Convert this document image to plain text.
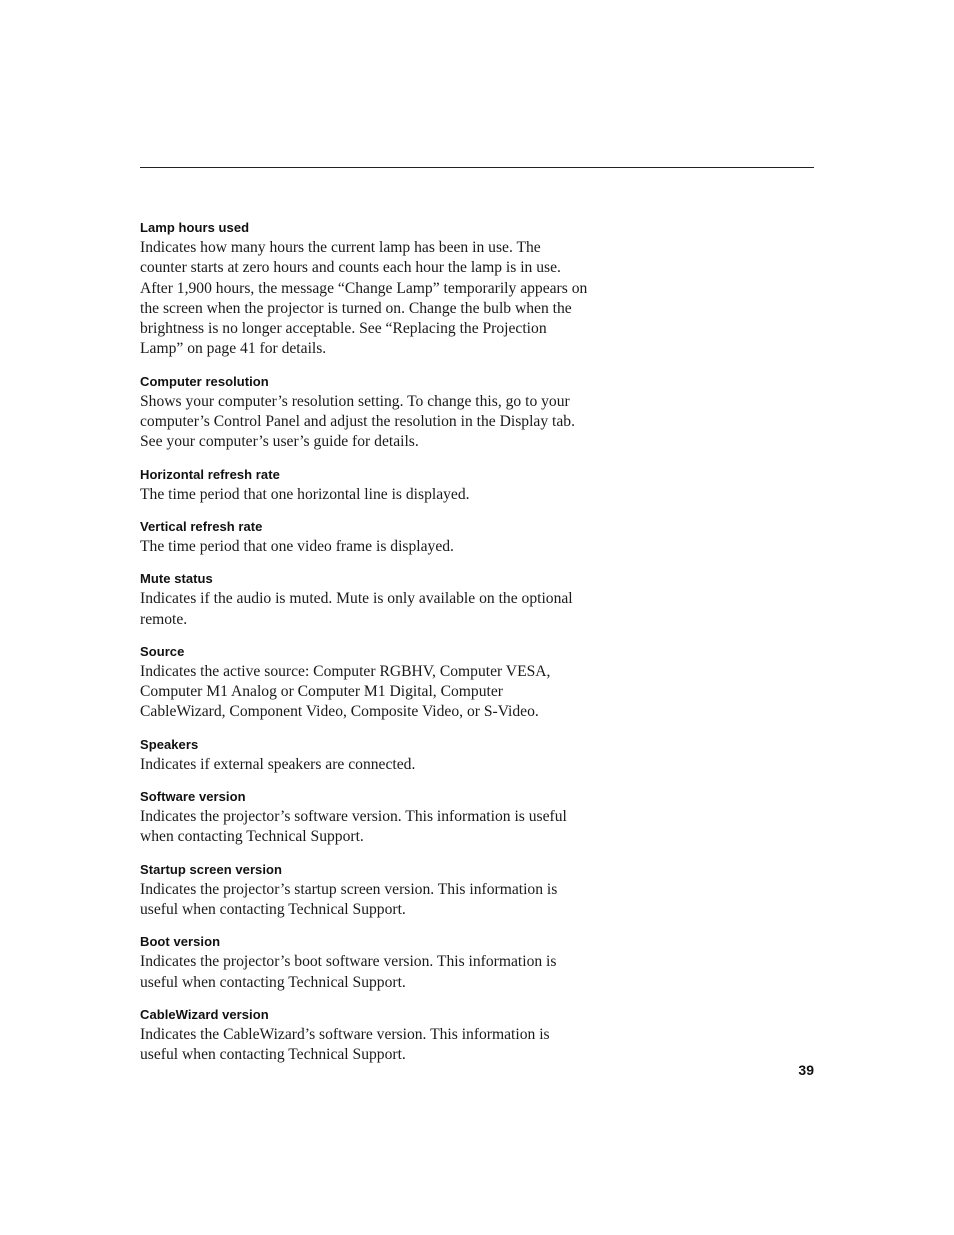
Lamp hours used

Indicates how many hours the current lamp has been in use. The counter starts at zero hours and counts each hour the lamp is in use. After 1,900 hours, the message “Change Lamp” temporarily appears on the screen when the projector is turned on. Change the bulb when the brightness is no longer acceptable. See “Replacing the Projection Lamp” on page 41 for details.

Computer resolution

Shows your computer’s resolution setting. To change this, go to your computer’s Control Panel and adjust the resolution in the Display tab. See your computer’s user’s guide for details.

Horizontal refresh rate

The time period that one horizontal line is displayed.

Vertical refresh rate

The time period that one video frame is displayed.

Mute status

Indicates if the audio is muted. Mute is only available on the optional remote.

Source

Indicates the active source: Computer RGBHV, Computer VESA, Computer M1 Analog or Computer M1 Digital, Computer CableWizard, Component Video, Composite Video, or S-Video.

Speakers

Indicates if external speakers are connected.

Software version

Indicates the projector’s software version. This information is useful when contacting Technical Support.

Startup screen version

Indicates the projector’s startup screen version. This information is useful when contacting Technical Support.

Boot version

Indicates the projector’s boot software version. This information is useful when contacting Technical Support.

CableWizard version

Indicates the CableWizard’s software version. This information is useful when contacting Technical Support.

39
